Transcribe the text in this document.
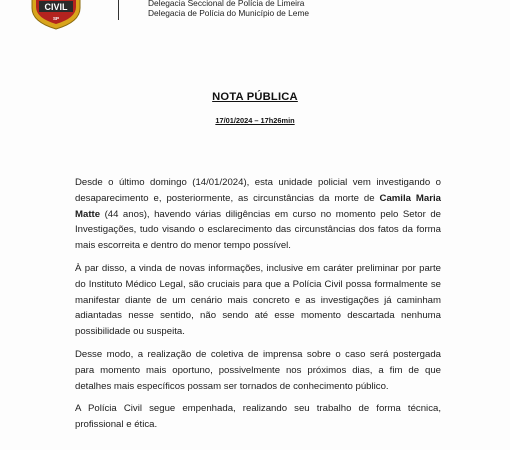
CIVIL
SP
Delegacia Seccional de Polícia de Limeira
Delegacia de Polícia do Município de Leme
NOTA PÚBLICA
17/01/2024 – 17h26min

Desde o último domingo (14/01/2024), esta unidade policial vem investigando o desaparecimento e, posteriormente, as circunstâncias da morte de Camila Maria Matte (44 anos), havendo várias diligências em curso no momento pelo Setor de Investigações, tudo visando o esclarecimento das circunstâncias dos fatos da forma mais escorreita e dentro do menor tempo possível.

À par disso, a vinda de novas informações, inclusive em caráter preliminar por parte do Instituto Médico Legal, são cruciais para que a Polícia Civil possa formalmente se manifestar diante de um cenário mais concreto e as investigações já caminham adiantadas nesse sentido, não sendo até esse momento descartada nenhuma possibilidade ou suspeita.

Desse modo, a realização de coletiva de imprensa sobre o caso será postergada para momento mais oportuno, possivelmente nos próximos dias, a fim de que detalhes mais específicos possam ser tornados de conhecimento público.

A Polícia Civil segue empenhada, realizando seu trabalho de forma técnica, profissional e ética.
